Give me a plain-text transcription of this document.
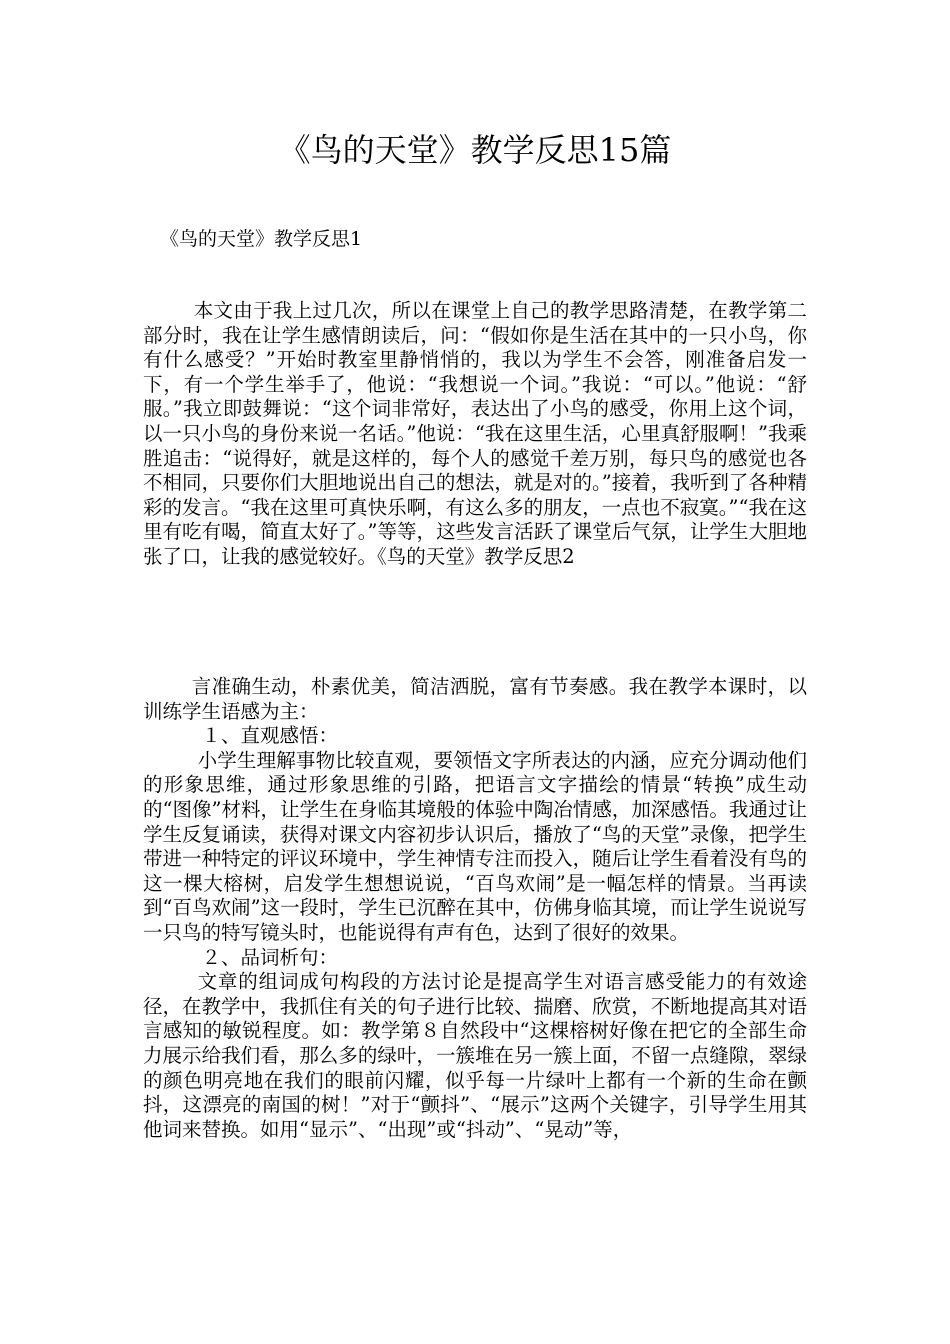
《鸟的天堂》教学反思15篇
《鸟的天堂》教学反思1

本文由于我上过几次，所以在课堂上自己的教学思路清楚，在教学第二部分时，我在让学生感情朗读后，问：“假如你是生活在其中的一只小鸟，你有什么感受？”开始时教室里静悄悄的，我以为学生不会答，刚准备启发一下，有一个学生举手了，他说：“我想说一个词。”我说：“可以。”他说：“舒服。”我立即鼓舞说：“这个词非常好，表达出了小鸟的感受，你用上这个词，以一只小鸟的身份来说一名话。”他说：“我在这里生活，心里真舒服啊！”我乘胜追击：“说得好，就是这样的，每个人的感觉千差万别，每只鸟的感觉也各不相同，只要你们大胆地说出自己的想法，就是对的。”接着，我听到了各种精彩的发言。“我在这里可真快乐啊，有这么多的朋友，一点也不寂寞。”“我在这里有吃有喝，简直太好了。”等等，这些发言活跃了课堂后气氛，让学生大胆地张了口，让我的感觉较好。《鸟的天堂》教学反思2

言准确生动，朴素优美，简洁洒脱，富有节奏感。我在教学本课时，以训练学生语感为主：

１、直观感悟：

小学生理解事物比较直观，要领悟文字所表达的内涵，应充分调动他们的形象思维，通过形象思维的引路，把语言文字描绘的情景“转换”成生动的“图像”材料，让学生在身临其境般的体验中陶冶情感，加深感悟。我通过让学生反复诵读，获得对课文内容初步认识后，播放了“鸟的天堂”录像，把学生带进一种特定的评议环境中，学生神情专注而投入，随后让学生看着没有鸟的这一棵大榕树，启发学生想想说说，“百鸟欢闹”是一幅怎样的情景。当再读到“百鸟欢闹”这一段时，学生已沉醉在其中，仿佛身临其境，而让学生说说写一只鸟的特写镜头时，也能说得有声有色，达到了很好的效果。

２、品词析句：

文章的组词成句构段的方法讨论是提高学生对语言感受能力的有效途径，在教学中，我抓住有关的句子进行比较、揣磨、欣赏，不断地提高其对语言感知的敏锐程度。如：教学第８自然段中“这棵榕树好像在把它的全部生命力展示给我们看，那么多的绿叶，一簇堆在另一簇上面，不留一点缝隙，翠绿的颜色明亮地在我们的眼前闪耀，似乎每一片绿叶上都有一个新的生命在颤抖，这漂亮的南国的树！”对于“颤抖”、“展示”这两个关键字，引导学生用其他词来替换。如用“显示”、“出现”或“抖动”、“晃动”等，
